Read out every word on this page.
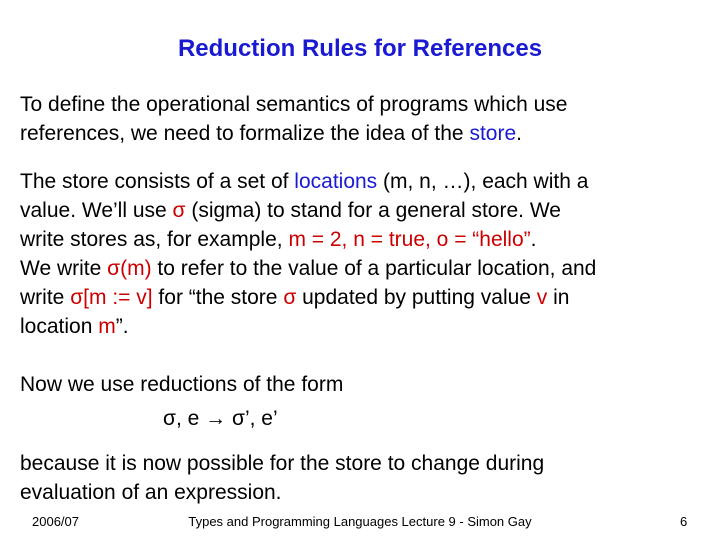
Reduction Rules for References
To define the operational semantics of programs which use
references, we need to formalize the idea of the store.
The store consists of a set of locations (m, n, …), each with a
value. We’ll use σ (sigma) to stand for a general store. We
write stores as, for example, m = 2, n = true, o = “hello”.
We write σ(m) to refer to the value of a particular location, and
write σ[m := v] for “the store σ updated by putting value v in
location m”.
Now we use reductions of the form
σ, e → σ’, e’
because it is now possible for the store to change during
evaluation of an expression.
2006/07	Types and Programming Languages Lecture 9 - Simon Gay	6
